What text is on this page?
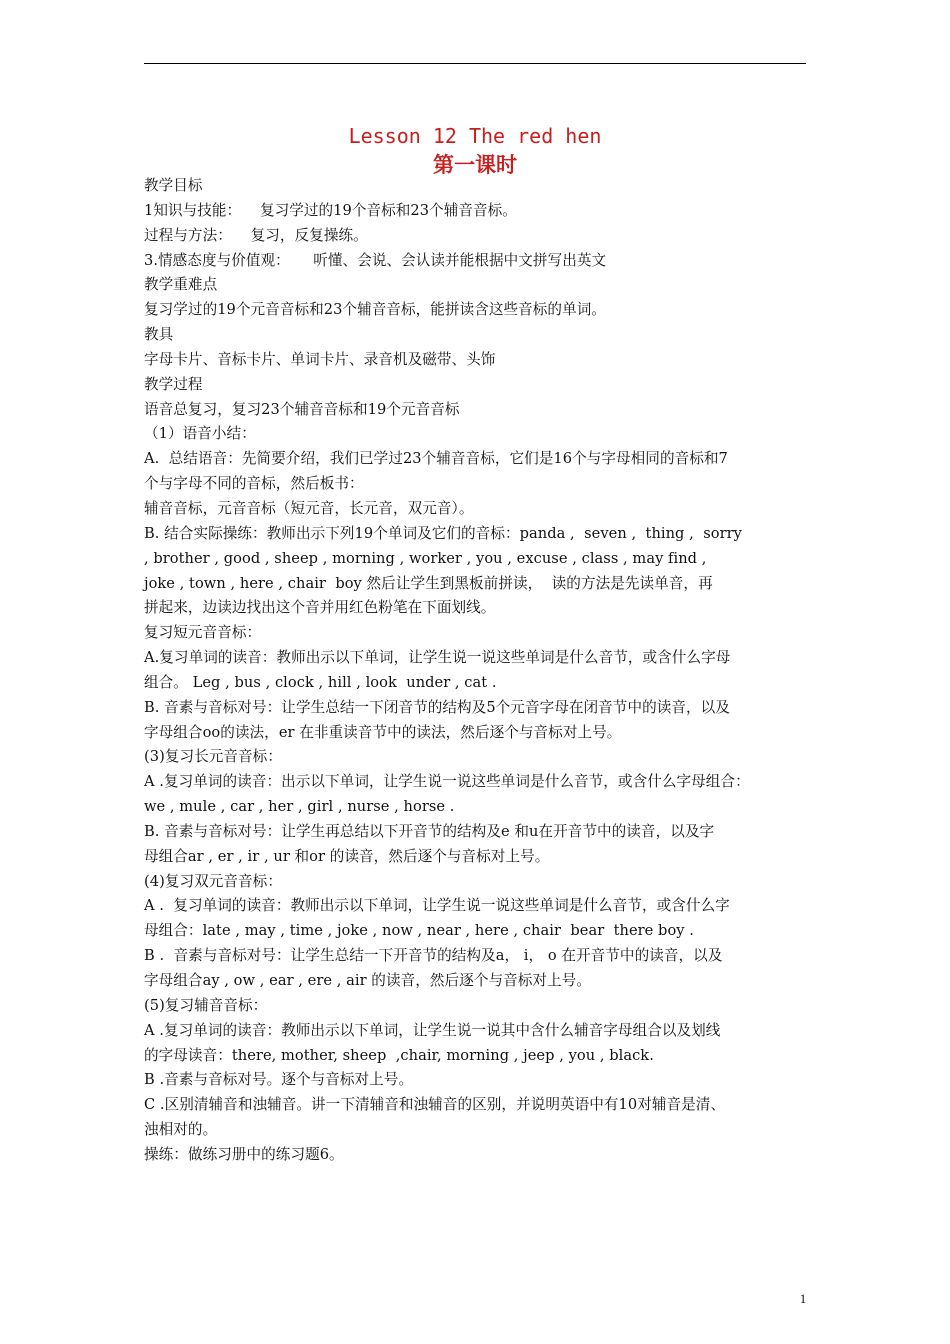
Lesson 12 The red hen
第一课时
教学目标
1知识与技能：    复习学过的19个音标和23个辅音音标。
过程与方法：    复习，反复操练。
3.情感态度与价值观：     听懂、会说、会认读并能根据中文拼写出英文
教学重难点
复习学过的19个元音音标和23个辅音音标，能拼读含这些音标的单词。
教具
字母卡片、音标卡片、单词卡片、录音机及磁带、头饰
教学过程
语音总复习，复习23个辅音音标和19个元音音标
（1）语音小结：
A.  总结语音：先简要介绍，我们已学过23个辅音音标，它们是16个与字母相同的音标和7
个与字母不同的音标，然后板书：
辅音音标，元音音标（短元音，长元音，双元音）。
B. 结合实际操练：教师出示下列19个单词及它们的音标：panda ,  seven ,  thing ,  sorry
, brother , good , sheep , morning , worker , you , excuse , class , may find ,
joke , town , here , chair  boy 然后让学生到黑板前拼读，  读的方法是先读单音，再
拼起来，边读边找出这个音并用红色粉笔在下面划线。
复习短元音音标：
A.复习单词的读音：教师出示以下单词，让学生说一说这些单词是什么音节，或含什么字母
组合。 Leg , bus , clock , hill , look  under , cat .
B. 音素与音标对号：让学生总结一下闭音节的结构及5个元音字母在闭音节中的读音，以及
字母组合oo的读法，er 在非重读音节中的读法，然后逐个与音标对上号。
(3)复习长元音音标：
A .复习单词的读音：出示以下单词，让学生说一说这些单词是什么音节，或含什么字母组合：
we , mule , car , her , girl , nurse , horse .
B. 音素与音标对号：让学生再总结以下开音节的结构及e 和u在开音节中的读音，以及字
母组合ar , er , ir , ur 和or 的读音，然后逐个与音标对上号。
(4)复习双元音音标：
A .  复习单词的读音：教师出示以下单词，让学生说一说这些单词是什么音节，或含什么字
母组合：late , may , time , joke , now , near , here , chair  bear  there boy .
B .  音素与音标对号：让学生总结一下开音节的结构及a， i， o 在开音节中的读音，以及
字母组合ay , ow , ear , ere , air 的读音，然后逐个与音标对上号。
(5)复习辅音音标：
A .复习单词的读音：教师出示以下单词，让学生说一说其中含什么辅音字母组合以及划线
的字母读音：there, mother, sheep  ,chair, morning , jeep , you , black.
B .音素与音标对号。逐个与音标对上号。
C .区别清辅音和浊辅音。讲一下清辅音和浊辅音的区别，并说明英语中有10对辅音是清、
浊相对的。
操练：做练习册中的练习题6。
1
